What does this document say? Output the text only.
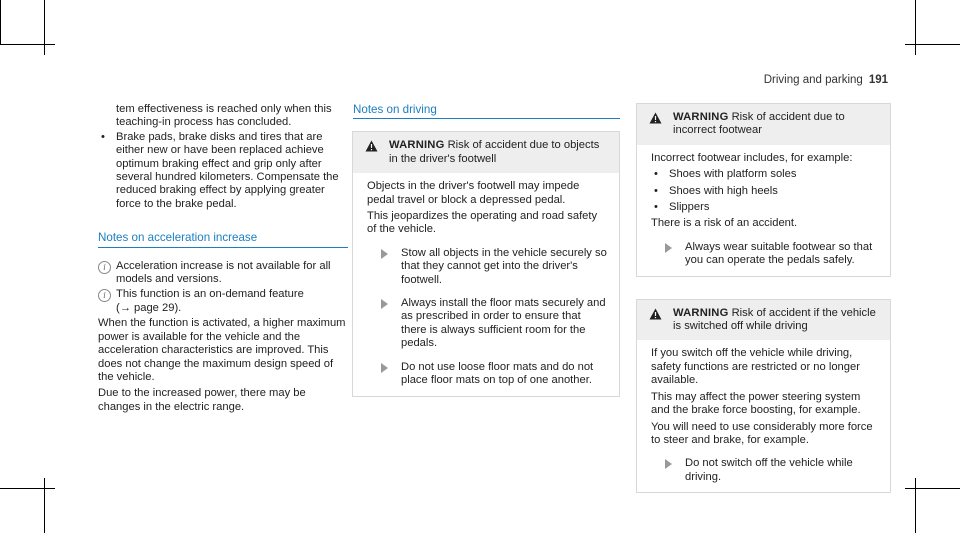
Driving and parking 191

tem effectiveness is reached only when this teaching-in process has concluded.

• Brake pads, brake disks and tires that are either new or have been replaced achieve optimum braking effect and grip only after several hundred kilometers. Compensate the reduced braking effect by applying greater force to the brake pedal.

Notes on acceleration increase
i Acceleration increase is not available for all models and versions.
i This function is an on-demand feature
(→ page 29).

When the function is activated, a higher maximum power is available for the vehicle and the acceleration characteristics are improved. This does not change the maximum design speed of the vehicle.

Due to the increased power, there may be changes in the electric range.

Notes on driving
WARNING Risk of accident due to objects in the driver's footwell

Objects in the driver's footwell may impede pedal travel or block a depressed pedal.

This jeopardizes the operating and road safety of the vehicle.

Stow all objects in the vehicle securely so that they cannot get into the driver's footwell.
Always install the floor mats securely and as prescribed in order to ensure that there is always sufficient room for the pedals.
Do not use loose floor mats and do not place floor mats on top of one another.
WARNING Risk of accident due to incorrect footwear

Incorrect footwear includes, for example:

• Shoes with platform soles

• Shoes with high heels

• Slippers

There is a risk of an accident.

Always wear suitable footwear so that you can operate the pedals safely.
WARNING Risk of accident if the vehicle is switched off while driving

If you switch off the vehicle while driving, safety functions are restricted or no longer available.

This may affect the power steering system and the brake force boosting, for example.

You will need to use considerably more force to steer and brake, for example.

Do not switch off the vehicle while driving.
